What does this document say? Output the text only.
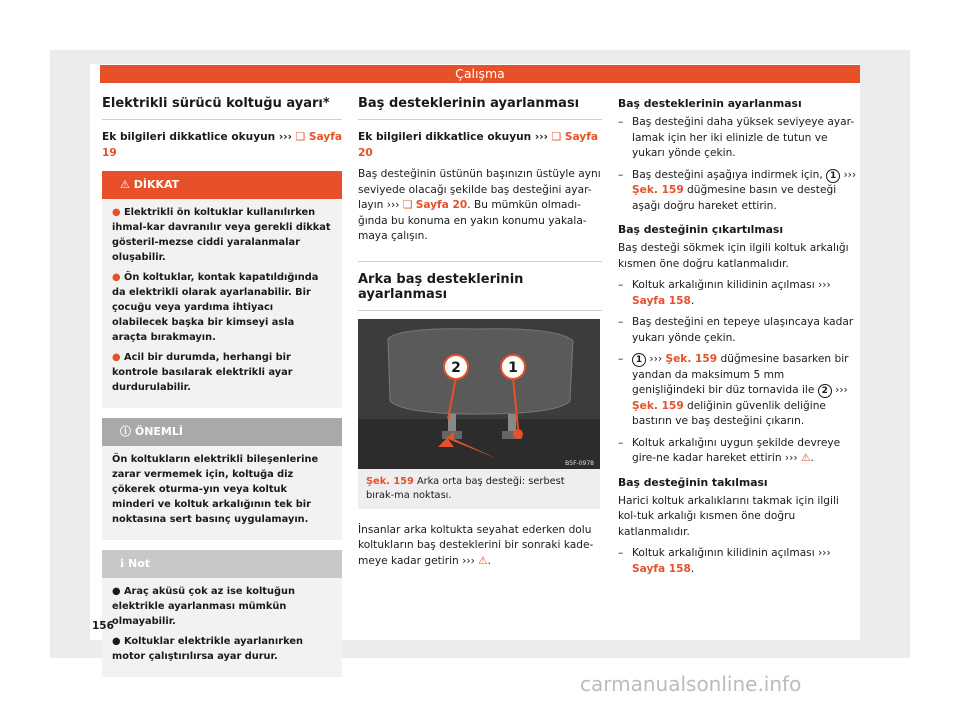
Çalışma
Elektrikli sürücü koltuğu ayarı*

Ek bilgileri dikkatlice okuyun ››› ❑ Sayfa 19

⚠ DİKKAT

● Elektrikli ön koltuklar kullanılırken ihmal-kar davranılır veya gerekli dikkat gösteril-mezse ciddi yaralanmalar oluşabilir.

● Ön koltuklar, kontak kapatıldığında da elektrikli olarak ayarlanabilir. Bir çocuğu veya yardıma ihtiyacı olabilecek başka bir kimseyi asla araçta bırakmayın.

● Acil bir durumda, herhangi bir kontrole basılarak elektrikli ayar durdurulabilir.

ⓘ ÖNEMLİ

Ön koltukların elektrikli bileşenlerine zarar vermemek için, koltuğa diz çökerek oturma-yın veya koltuk minderi ve koltuk arkalığının tek bir noktasına sert basınç uygulamayın.

ℹ Not

● Araç aküsü çok az ise koltuğun elektrikle ayarlanması mümkün olmayabilir.

● Koltuklar elektrikle ayarlanırken motor çalıştırılırsa ayar durur.

156
Baş desteklerinin ayarlanması

Ek bilgileri dikkatlice okuyun ››› ❑ Sayfa 20

Baş desteğinin üstünün başınızın üstüyle aynı seviyede olacağı şekilde baş desteğini ayar-layın ››› ❑ Sayfa 20. Bu mümkün olmadı-ğında bu konuma en yakın konumu yakala-maya çalışın.

Arka baş desteklerinin ayarlanması
2	1
B5F-0978
Şek. 159 Arka orta baş desteği: serbest bırak-ma noktası.

İnsanlar arka koltukta seyahat ederken dolu koltukların baş desteklerini bir sonraki kade-meye kadar getirin ››› ⚠.

Baş desteklerinin ayarlanması

– Baş desteğini daha yüksek seviyeye ayar-lamak için her iki elinizle de tutun ve yukarı yönde çekin.
– Baş desteğini aşağıya indirmek için, 1 ››› Şek. 159 düğmesine basın ve desteği aşağı doğru hareket ettirin.

Baş desteğinin çıkartılması

Baş desteği sökmek için ilgili koltuk arkalığı kısmen öne doğru katlanmalıdır.

– Koltuk arkalığının kilidinin açılması ››› Sayfa 158.
– Baş desteğini en tepeye ulaşıncaya kadar yukarı yönde çekin.
–	1 ››› Şek. 159 düğmesine basarken bir yandan da maksimum 5 mm genişliğindeki bir düz tornavida ile 2 ››› Şek. 159 deliğinin güvenlik deliğine bastırın ve baş desteğini çıkarın.
– Koltuk arkalığını uygun şekilde devreye gire-ne kadar hareket ettirin ››› ⚠.

Baş desteğinin takılması

Harici koltuk arkalıklarını takmak için ilgili kol-tuk arkalığı kısmen öne doğru katlanmalıdır.

– Koltuk arkalığının kilidinin açılması ››› Sayfa 158.
carmanualsonline.info
